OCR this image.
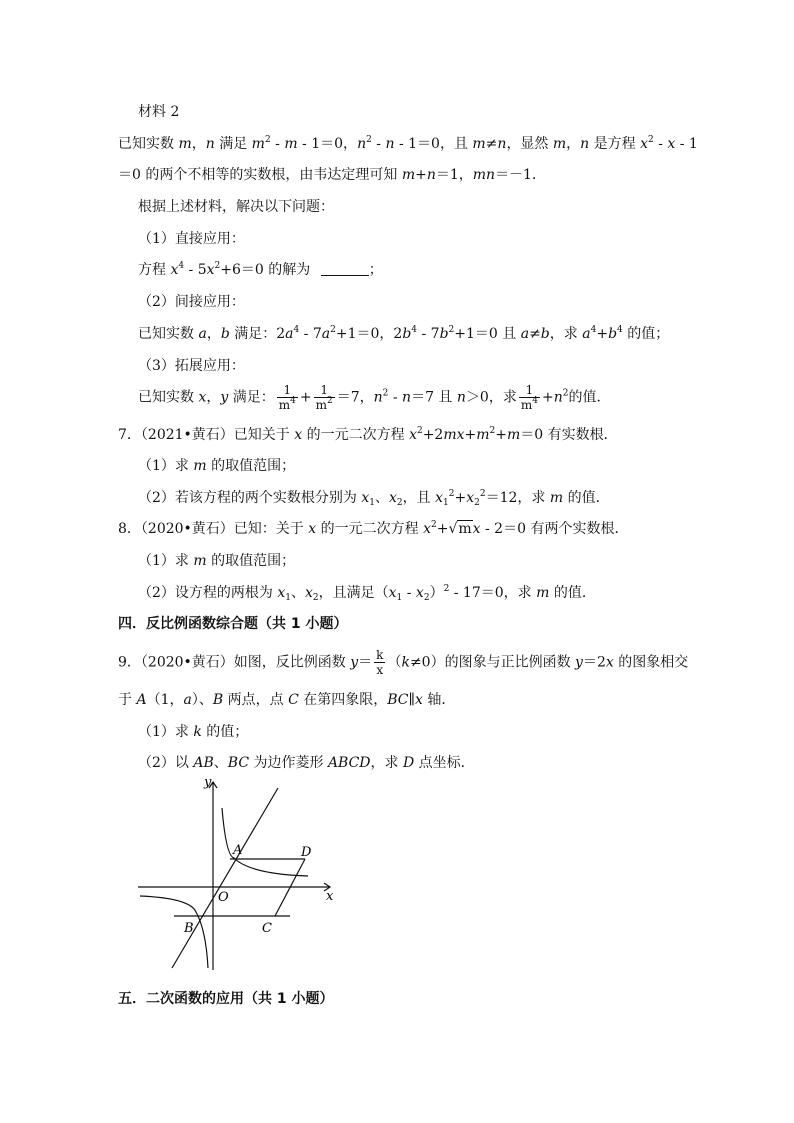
材料 2
已知实数 m，n 满足 $m^2 - m - 1=0$，$n^2 - n - 1=0$，且 m≠n，显然 m，n 是方程 $x^2$ - x - 1
＝0 的两个不相等的实数根，由韦达定理可知 m+n＝1，mn＝－1．
根据上述材料，解决以下问题：
（1）直接应用：
方程 $x^4 - 5x^2+6=0$ 的解为	；
（2）间接应用：
已知实数 a，b 满足：$2a^4 - 7a^2+1=0$，$2b^4 - 7b^2+1=0$ 且 a≠b，求 $a^4+b^4$ 的值；
（3）拓展应用：
已知实数 x，y 满足： $\frac{1}{m^4} + \frac{1}{m^2} =7$，$n^2 - n=7$ 且 n＞0，求 $\frac{1}{m^4} +n^2$的值．
7．（2021•黄石）已知关于 x 的一元二次方程 $x^2+2mx+m^2+m=0$ 有实数根．
（1）求 m 的取值范围；
（2）若该方程的两个实数根分别为 $x_1$、$x_2$，且 $x_1^2+x_2^2=12$，求 m 的值．
8．（2020•黄石）已知：关于 x 的一元二次方程 $x^2+√mx - 2=0$ 有两个实数根．
（1）求 m 的取值范围；
（2）设方程的两根为 $x_1$、$x_2$，且满足$(x_1 - x_2)^2 - 17=0$，求 m 的值．
四．反比例函数综合题（共 1 小题）
9．（2020•黄石）如图，反比例函数 $y= \frac{k}{x} (k\ne 0)$的图象与正比例函数 y＝2x 的图象相交
于 A（1，a）、B 两点，点 C 在第四象限，BC∥x 轴．
（1）求 k 的值；
（2）以 AB、BC 为边作菱形 ABCD，求 D 点坐标．
y
x
O
A
B	C
D
五．二次函数的应用（共 1 小题）
